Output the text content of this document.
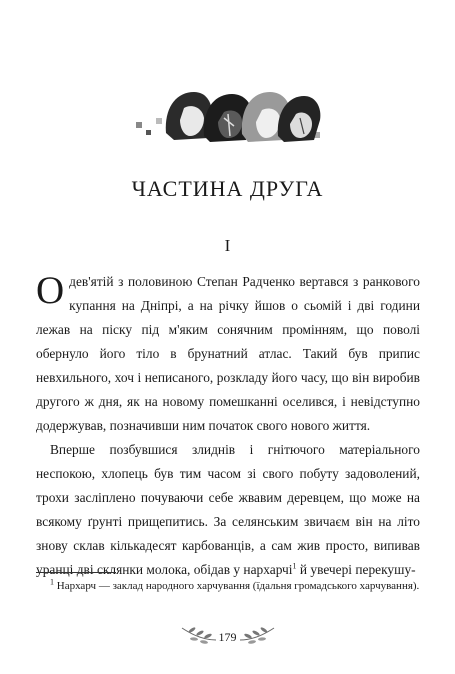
ЧАСТИНА ДРУГА
I

О дев'ятій з половиною Степан Радченко вертався з ранкового купання на Дніпрі, а на річку йшов о сьомій і дві години лежав на піску під м'яким сонячним промінням, що поволі обернуло його тіло в брунатний атлас. Такий був припис невхильного, хоч і неписаного, розкладу його часу, що він виробив другого ж дня, як на новому помешканні оселився, і невідступно додержував, позначивши ним початок свого нового життя.

Вперше позбувшися злиднів і гнітючого матеріального неспокою, хлопець був тим часом зі свого побуту задоволений, трохи засліплено почуваючи себе жвавим деревцем, що може на всякому ґрунті прищепитись. За селянським звичаєм він на літо знову склав кількадесят карбованців, а сам жив просто, випивав уранці дві склянки молока, обідав у нархарчі$^1$ й увечері перекушу-

$^1$ Нархарч — заклад народного харчування (їдальня громадського харчування).
$_{179}$
